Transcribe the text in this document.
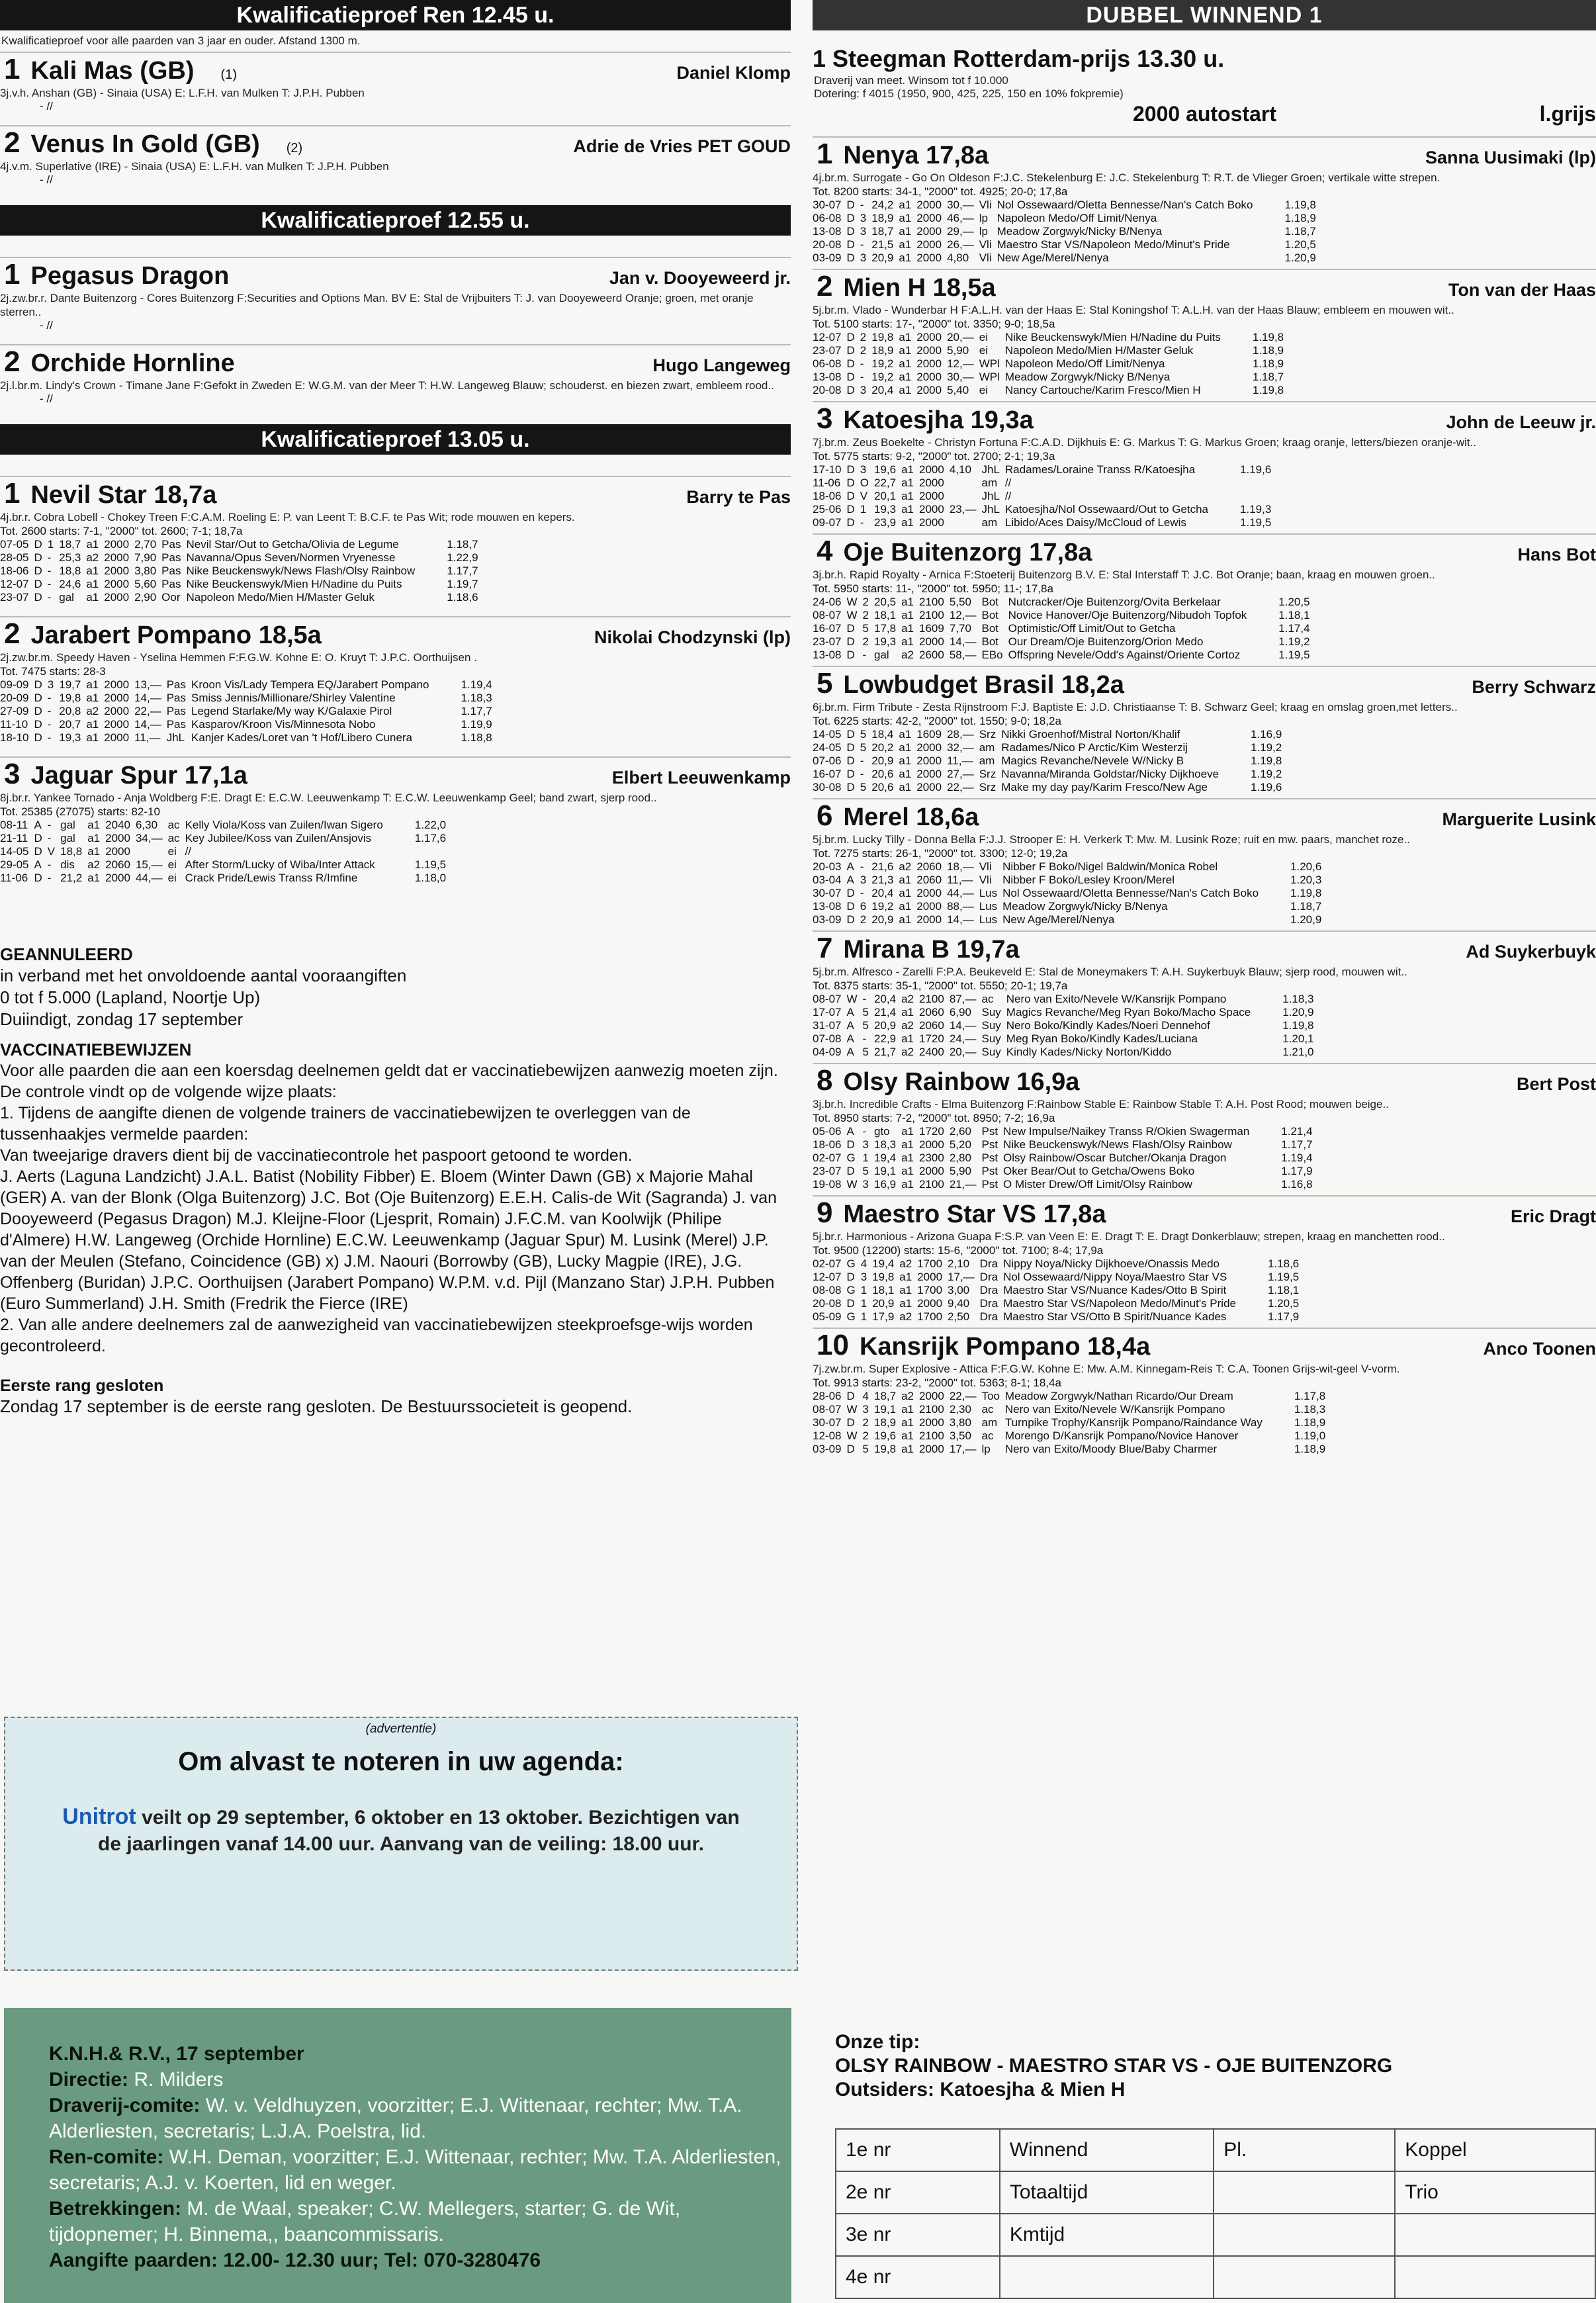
Kwalificatieproef Ren 12.45 u.
Kwalificatieproef voor alle paarden van 3 jaar en ouder. Afstand 1300 m.
1 Kali Mas (GB) (1)	Daniel Klomp
3j.v.h. Anshan (GB) - Sinaia (USA) E: L.F.H. van Mulken T: J.P.H. Pubben
- //
2 Venus In Gold (GB) (2)	Adrie de Vries PET GOUD
4j.v.m. Superlative (IRE) - Sinaia (USA) E: L.F.H. van Mulken T: J.P.H. Pubben
- //
Kwalificatieproef 12.55 u.
1 Pegasus Dragon	Jan v. Dooyeweerd jr.
2j.zw.br.r. Dante Buitenzorg - Cores Buitenzorg F:Securities and Options Man. BV E: Stal de Vrijbuiters T: J. van Dooyeweerd Oranje; groen, met oranje sterren..
- //
2 Orchide Hornline	Hugo Langeweg
2j.l.br.m. Lindy's Crown - Timane Jane F:Gefokt in Zweden E: W.G.M. van der Meer T: H.W. Langeweg Blauw; schouderst. en biezen zwart, embleem rood..
- //
Kwalificatieproef 13.05 u.
1 Nevil Star 18,7a	Barry te Pas
4j.br.r. Cobra Lobell - Chokey Treen F:C.A.M. Roeling E: P. van Leent T: B.C.F. te Pas Wit; rode mouwen en kepers.
Tot. 2600 starts: 7-1, "2000" tot. 2600; 7-1; 18,7a
07-05	D	1	18,7	a1	2000	2,70	Pas	Nevil Star/Out to Getcha/Olivia de Legume	1.18,7
28-05	D	-	25,3	a2	2000	7,90	Pas	Navanna/Opus Seven/Normen Vryenesse	1.22,9
18-06	D	-	18,8	a1	2000	3,80	Pas	Nike Beuckenswyk/News Flash/Olsy Rainbow	1.17,7
12-07	D	-	24,6	a1	2000	5,60	Pas	Nike Beuckenswyk/Mien H/Nadine du Puits	1.19,7
23-07	D	-	gal	a1	2000	2,90	Oor	Napoleon Medo/Mien H/Master Geluk	1.18,6
2 Jarabert Pompano 18,5a	Nikolai Chodzynski (lp)
2j.zw.br.m. Speedy Haven - Yselina Hemmen F:F.G.W. Kohne E: O. Kruyt T: J.P.C. Oorthuijsen .
Tot. 7475 starts: 28-3
09-09	D	3	19,7	a1	2000	13,—	Pas	Kroon Vis/Lady Tempera EQ/Jarabert Pompano	1.19,4
20-09	D	-	19,8	a1	2000	14,—	Pas	Smiss Jennis/Millionare/Shirley Valentine	1.18,3
27-09	D	-	20,8	a2	2000	22,—	Pas	Legend Starlake/My way K/Galaxie Pirol	1.17,7
11-10	D	-	20,7	a1	2000	14,—	Pas	Kasparov/Kroon Vis/Minnesota Nobo	1.19,9
18-10	D	-	19,3	a1	2000	11,—	JhL	Kanjer Kades/Loret van 't Hof/Libero Cunera	1.18,8
3 Jaguar Spur 17,1a	Elbert Leeuwenkamp
8j.br.r. Yankee Tornado - Anja Woldberg F:E. Dragt E: E.C.W. Leeuwenkamp T: E.C.W. Leeuwenkamp Geel; band zwart, sjerp rood..
Tot. 25385 (27075) starts: 82-10
08-11	A	-	gal	a1	2040	6,30	ac	Kelly Viola/Koss van Zuilen/Iwan Sigero	1.22,0
21-11	D	-	gal	a1	2000	34,—	ac	Key Jubilee/Koss van Zuilen/Ansjovis	1.17,6
14-05	D	V	18,8	a1	2000		ei	//	
29-05	A	-	dis	a2	2060	15,—	ei	After Storm/Lucky of Wiba/Inter Attack	1.19,5
11-06	D	-	21,2	a1	2000	44,—	ei	Crack Pride/Lewis Transs R/Imfine	1.18,0
GEANNULEERD
in verband met het onvoldoende aantal vooraangiften
0 tot f 5.000 (Lapland, Noortje Up)
Duiindigt, zondag 17 september
VACCINATIEBEWIJZEN
Voor alle paarden die aan een koersdag deelnemen geldt dat er vaccinatiebewijzen aanwezig moeten zijn. De controle vindt op de volgende wijze plaats:
1. Tijdens de aangifte dienen de volgende trainers de vaccinatiebewijzen te overleggen van de tussenhaakjes vermelde paarden:
Van tweejarige dravers dient bij de vaccinatiecontrole het paspoort getoond te worden.
J. Aerts (Laguna Landzicht) J.A.L. Batist (Nobility Fibber) E. Bloem (Winter Dawn (GB) x Majorie Mahal (GER) A. van der Blonk (Olga Buitenzorg) J.C. Bot (Oje Buitenzorg) E.E.H. Calis-de Wit (Sagranda) J. van Dooyeweerd (Pegasus Dragon) M.J. Kleijne-Floor (Ljesprit, Romain) J.F.C.M. van Koolwijk (Philipe d'Almere) H.W. Langeweg (Orchide Hornline) E.C.W. Leeuwenkamp (Jaguar Spur) M. Lusink (Merel) J.P. van der Meulen (Stefano, Coincidence (GB) x) J.M. Naouri (Borrowby (GB), Lucky Magpie (IRE), J.G. Offenberg (Buridan) J.P.C. Oorthuijsen (Jarabert Pompano) W.P.M. v.d. Pijl (Manzano Star) J.P.H. Pubben (Euro Summerland) J.H. Smith (Fredrik the Fierce (IRE)
2. Van alle andere deelnemers zal de aanwezigheid van vaccinatiebewijzen steekproefsge-wijs worden gecontroleerd.
Eerste rang gesloten
Zondag 17 september is de eerste rang gesloten. De Bestuurssocieteit is geopend.
DUBBEL WINNEND 1
1 Steegman Rotterdam-prijs 13.30 u.
Draverij van meet. Winsom tot f 10.000
Dotering: f 4015 (1950, 900, 425, 225, 150 en 10% fokpremie)
2000 autostart	l.grijs
1 Nenya 17,8a	Sanna Uusimaki (lp)
4j.br.m. Surrogate - Go On Oldeson F:J.C. Stekelenburg E: J.C. Stekelenburg T: R.T. de Vlieger Groen; vertikale witte strepen.
Tot. 8200 starts: 34-1, "2000" tot. 4925; 20-0; 17,8a
30-07	D	-	24,2	a1	2000	30,—	Vli	Nol Ossewaard/Oletta Bennesse/Nan's Catch Boko	1.19,8
06-08	D	3	18,9	a1	2000	46,—	lp	Napoleon Medo/Off Limit/Nenya	1.18,9
13-08	D	3	18,7	a1	2000	29,—	lp	Meadow Zorgwyk/Nicky B/Nenya	1.18,7
20-08	D	-	21,5	a1	2000	26,—	Vli	Maestro Star VS/Napoleon Medo/Minut's Pride	1.20,5
03-09	D	3	20,9	a1	2000	4,80	Vli	New Age/Merel/Nenya	1.20,9
2 Mien H 18,5a	Ton van der Haas
5j.br.m. Vlado - Wunderbar H F:A.L.H. van der Haas E: Stal Koningshof T: A.L.H. van der Haas Blauw; embleem en mouwen wit..
Tot. 5100 starts: 17-, "2000" tot. 3350; 9-0; 18,5a
12-07	D	2	19,8	a1	2000	20,—	ei	Nike Beuckenswyk/Mien H/Nadine du Puits	1.19,8
23-07	D	2	18,9	a1	2000	5,90	ei	Napoleon Medo/Mien H/Master Geluk	1.18,9
06-08	D	-	19,2	a1	2000	12,—	WPl	Napoleon Medo/Off Limit/Nenya	1.18,9
13-08	D	-	19,2	a1	2000	30,—	WPl	Meadow Zorgwyk/Nicky B/Nenya	1.18,7
20-08	D	3	20,4	a1	2000	5,40	ei	Nancy Cartouche/Karim Fresco/Mien H	1.19,8
3 Katoesjha 19,3a	John de Leeuw jr.
7j.br.m. Zeus Boekelte - Christyn Fortuna F:C.A.D. Dijkhuis E: G. Markus T: G. Markus Groen; kraag oranje, letters/biezen oranje-wit..
Tot. 5775 starts: 9-2, "2000" tot. 2700; 2-1; 19,3a
17-10	D	3	19,6	a1	2000	4,10	JhL	Radames/Loraine Transs R/Katoesjha	1.19,6
11-06	D	O	22,7	a1	2000		am	//	
18-06	D	V	20,1	a1	2000		JhL	//	
25-06	D	1	19,3	a1	2000	23,—	JhL	Katoesjha/Nol Ossewaard/Out to Getcha	1.19,3
09-07	D	-	23,9	a1	2000		am	Libido/Aces Daisy/McCloud of Lewis	1.19,5
4 Oje Buitenzorg 17,8a	Hans Bot
3j.br.h. Rapid Royalty - Arnica F:Stoeterij Buitenzorg B.V. E: Stal Interstaff T: J.C. Bot Oranje; baan, kraag en mouwen groen..
Tot. 5950 starts: 11-, "2000" tot. 5950; 11-; 17,8a
24-06	W	2	20,5	a1	2100	5,50	Bot	Nutcracker/Oje Buitenzorg/Ovita Berkelaar	1.20,5
08-07	W	2	18,1	a1	2100	12,—	Bot	Novice Hanover/Oje Buitenzorg/Nibudoh Topfok	1.18,1
16-07	D	5	17,8	a1	1609	7,70	Bot	Optimistic/Off Limit/Out to Getcha	1.17,4
23-07	D	2	19,3	a1	2000	14,—	Bot	Our Dream/Oje Buitenzorg/Orion Medo	1.19,2
13-08	D	-	gal	a2	2600	58,—	EBo	Offspring Nevele/Odd's Against/Oriente Cortoz	1.19,5
5 Lowbudget Brasil 18,2a	Berry Schwarz
6j.br.m. Firm Tribute - Zesta Rijnstroom F:J. Baptiste E: J.D. Christiaanse T: B. Schwarz Geel; kraag en omslag groen,met letters..
Tot. 6225 starts: 42-2, "2000" tot. 1550; 9-0; 18,2a
14-05	D	5	18,4	a1	1609	28,—	Srz	Nikki Groenhof/Mistral Norton/Khalif	1.16,9
24-05	D	5	20,2	a1	2000	32,—	am	Radames/Nico P Arctic/Kim Westerzij	1.19,2
07-06	D	-	20,9	a1	2000	11,—	am	Magics Revanche/Nevele W/Nicky B	1.19,8
16-07	D	-	20,6	a1	2000	27,—	Srz	Navanna/Miranda Goldstar/Nicky Dijkhoeve	1.19,2
30-08	D	5	20,6	a1	2000	22,—	Srz	Make my day pay/Karim Fresco/New Age	1.19,6
6 Merel 18,6a	Marguerite Lusink
5j.br.m. Lucky Tilly - Donna Bella F:J.J. Strooper E: H. Verkerk T: Mw. M. Lusink Roze; ruit en mw. paars, manchet roze..
Tot. 7275 starts: 26-1, "2000" tot. 3300; 12-0; 19,2a
20-03	A	-	21,6	a2	2060	18,—	Vli	Nibber F Boko/Nigel Baldwin/Monica Robel	1.20,6
03-04	A	3	21,3	a1	2060	11,—	Vli	Nibber F Boko/Lesley Kroon/Merel	1.20,3
30-07	D	-	20,4	a1	2000	44,—	Lus	Nol Ossewaard/Oletta Bennesse/Nan's Catch Boko	1.19,8
13-08	D	6	19,2	a1	2000	88,—	Lus	Meadow Zorgwyk/Nicky B/Nenya	1.18,7
03-09	D	2	20,9	a1	2000	14,—	Lus	New Age/Merel/Nenya	1.20,9
7 Mirana B 19,7a	Ad Suykerbuyk
5j.br.m. Alfresco - Zarelli F:P.A. Beukeveld E: Stal de Moneymakers T: A.H. Suykerbuyk Blauw; sjerp rood, mouwen wit..
Tot. 8375 starts: 35-1, "2000" tot. 5550; 20-1; 19,7a
08-07	W	-	20,4	a2	2100	87,—	ac	Nero van Exito/Nevele W/Kansrijk Pompano	1.18,3
17-07	A	5	21,4	a1	2060	6,90	Suy	Magics Revanche/Meg Ryan Boko/Macho Space	1.20,9
31-07	A	5	20,9	a2	2060	14,—	Suy	Nero Boko/Kindly Kades/Noeri Dennehof	1.19,8
07-08	A	-	22,9	a1	1720	24,—	Suy	Meg Ryan Boko/Kindly Kades/Luciana	1.20,1
04-09	A	5	21,7	a2	2400	20,—	Suy	Kindly Kades/Nicky Norton/Kiddo	1.21,0
8 Olsy Rainbow 16,9a	Bert Post
3j.br.h. Incredible Crafts - Elma Buitenzorg F:Rainbow Stable E: Rainbow Stable T: A.H. Post Rood; mouwen beige..
Tot. 8950 starts: 7-2, "2000" tot. 8950; 7-2; 16,9a
05-06	A	-	gto	a1	1720	2,60	Pst	New Impulse/Naikey Transs R/Okien Swagerman	1.21,4
18-06	D	3	18,3	a1	2000	5,20	Pst	Nike Beuckenswyk/News Flash/Olsy Rainbow	1.17,7
02-07	G	1	19,4	a1	2300	2,80	Pst	Olsy Rainbow/Oscar Butcher/Okanja Dragon	1.19,4
23-07	D	5	19,1	a1	2000	5,90	Pst	Oker Bear/Out to Getcha/Owens Boko	1.17,9
19-08	W	3	16,9	a1	2100	21,—	Pst	O Mister Drew/Off Limit/Olsy Rainbow	1.16,8
9 Maestro Star VS 17,8a	Eric Dragt
5j.br.r. Harmonious - Arizona Guapa F:S.P. van Veen E: E. Dragt T: E. Dragt Donkerblauw; strepen, kraag en manchetten rood..
Tot. 9500 (12200) starts: 15-6, "2000" tot. 7100; 8-4; 17,9a
02-07	G	4	19,4	a2	1700	2,10	Dra	Nippy Noya/Nicky Dijkhoeve/Onassis Medo	1.18,6
12-07	D	3	19,8	a1	2000	17,—	Dra	Nol Ossewaard/Nippy Noya/Maestro Star VS	1.19,5
08-08	G	1	18,1	a1	1700	3,00	Dra	Maestro Star VS/Nuance Kades/Otto B Spirit	1.18,1
20-08	D	1	20,9	a1	2000	9,40	Dra	Maestro Star VS/Napoleon Medo/Minut's Pride	1.20,5
05-09	G	1	17,9	a2	1700	2,50	Dra	Maestro Star VS/Otto B Spirit/Nuance Kades	1.17,9
10 Kansrijk Pompano 18,4a	Anco Toonen
7j.zw.br.m. Super Explosive - Attica F:F.G.W. Kohne E: Mw. A.M. Kinnegam-Reis T: C.A. Toonen Grijs-wit-geel V-vorm.
Tot. 9913 starts: 23-2, "2000" tot. 5363; 8-1; 18,4a
28-06	D	4	18,7	a2	2000	22,—	Too	Meadow Zorgwyk/Nathan Ricardo/Our Dream	1.17,8
08-07	W	3	19,1	a1	2100	2,30	ac	Nero van Exito/Nevele W/Kansrijk Pompano	1.18,3
30-07	D	2	18,9	a1	2000	3,80	am	Turnpike Trophy/Kansrijk Pompano/Raindance Way	1.18,9
12-08	W	2	19,6	a1	2100	3,50	ac	Morengo D/Kansrijk Pompano/Novice Hanover	1.19,0
03-09	D	5	19,8	a1	2000	17,—	lp	Nero van Exito/Moody Blue/Baby Charmer	1.18,9
(advertentie)
Om alvast te noteren in uw agenda:
Unitrot veilt op 29 september, 6 oktober en 13 oktober. Bezichtigen van
de jaarlingen vanaf 14.00 uur. Aanvang van de veiling: 18.00 uur.
K.N.H.& R.V., 17 september
Directie: R. Milders
Draverij-comite: W. v. Veldhuyzen, voorzitter; E.J. Wittenaar, rechter; Mw. T.A. Alderliesten, secretaris; L.J.A. Poelstra, lid.
Ren-comite: W.H. Deman, voorzitter; E.J. Wittenaar, rechter; Mw. T.A. Alderliesten, secretaris; A.J. v. Koerten, lid en weger.
Betrekkingen: M. de Waal, speaker; C.W. Mellegers, starter; G. de Wit, tijdopnemer; H. Binnema,, baancommissaris.
Aangifte paarden: 12.00- 12.30 uur; Tel: 070-3280476
Onze tip:
OLSY RAINBOW - MAESTRO STAR VS - OJE BUITENZORG
Outsiders: Katoesjha & Mien H
1e nr	Winnend	Pl.	Koppel
2e nr	Totaaltijd		Trio
3e nr	Kmtijd		
4e nr			
